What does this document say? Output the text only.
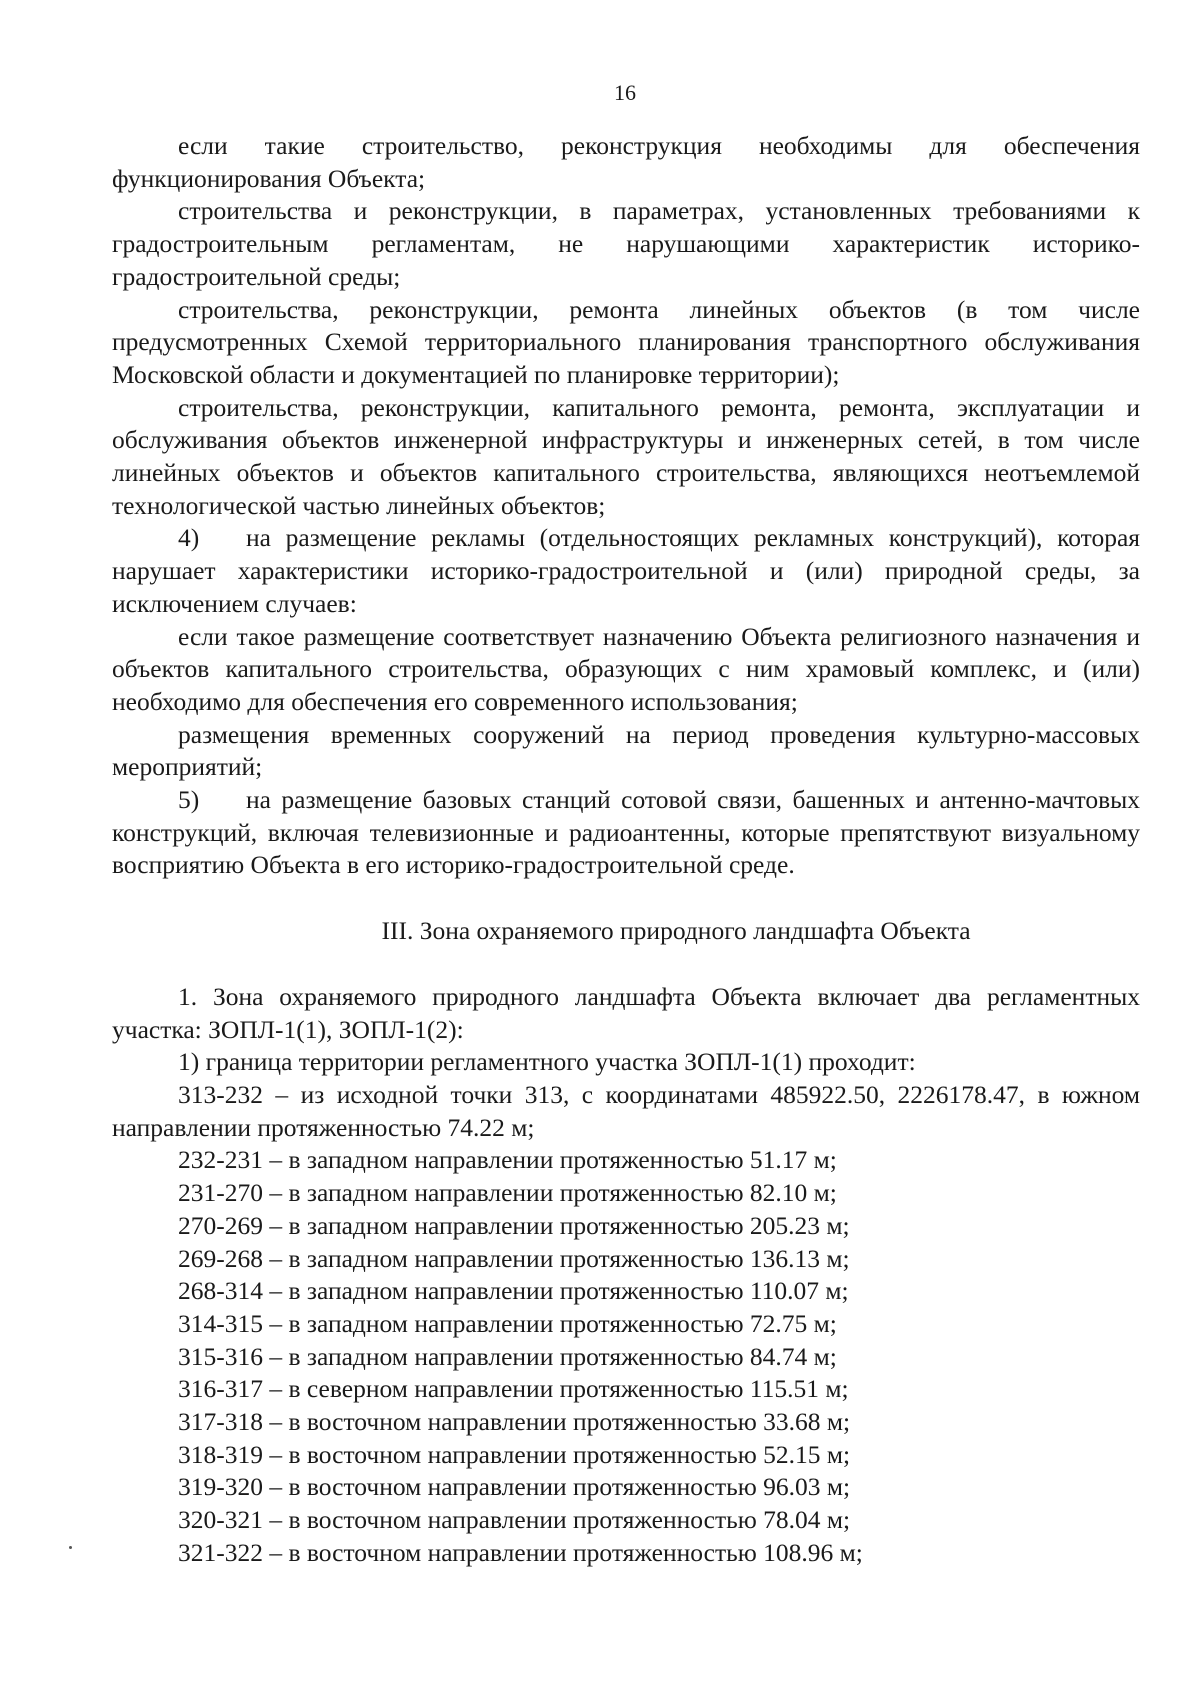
16

если такие строительство, реконструкция необходимы для обеспечения функционирования Объекта;

строительства и реконструкции, в параметрах, установленных требованиями к градостроительным регламентам, не нарушающими характеристик историко-градостроительной среды;

строительства, реконструкции, ремонта линейных объектов (в том числе предусмотренных Схемой территориального планирования транспортного обслуживания Московской области и документацией по планировке территории);

строительства, реконструкции, капитального ремонта, ремонта, эксплуатации и обслуживания объектов инженерной инфраструктуры и инженерных сетей, в том числе линейных объектов и объектов капитального строительства, являющихся неотъемлемой технологической частью линейных объектов;

4) на размещение рекламы (отдельностоящих рекламных конструкций), которая нарушает характеристики историко-градостроительной и (или) природной среды, за исключением случаев:

если такое размещение соответствует назначению Объекта религиозного назначения и объектов капитального строительства, образующих с ним храмовый комплекс, и (или) необходимо для обеспечения его современного использования;

размещения временных сооружений на период проведения культурно-массовых мероприятий;

5) на размещение базовых станций сотовой связи, башенных и антенно-мачтовых конструкций, включая телевизионные и радиоантенны, которые препятствуют визуальному восприятию Объекта в его историко-градостроительной среде.

III. Зона охраняемого природного ландшафта Объекта

1. Зона охраняемого природного ландшафта Объекта включает два регламентных участка: ЗОПЛ-1(1), ЗОПЛ-1(2):

1) граница территории регламентного участка ЗОПЛ-1(1) проходит:

313-232 – из исходной точки 313, с координатами 485922.50, 2226178.47, в южном направлении протяженностью 74.22 м;

232-231 – в западном направлении протяженностью 51.17 м;

231-270 – в западном направлении протяженностью 82.10 м;

270-269 – в западном направлении протяженностью 205.23 м;

269-268 – в западном направлении протяженностью 136.13 м;

268-314 – в западном направлении протяженностью 110.07 м;

314-315 – в западном направлении протяженностью 72.75 м;

315-316 – в западном направлении протяженностью 84.74 м;

316-317 – в северном направлении протяженностью 115.51 м;

317-318 – в восточном направлении протяженностью 33.68 м;

318-319 – в восточном направлении протяженностью 52.15 м;

319-320 – в восточном направлении протяженностью 96.03 м;

320-321 – в восточном направлении протяженностью 78.04 м;

321-322 – в восточном направлении протяженностью 108.96 м;
